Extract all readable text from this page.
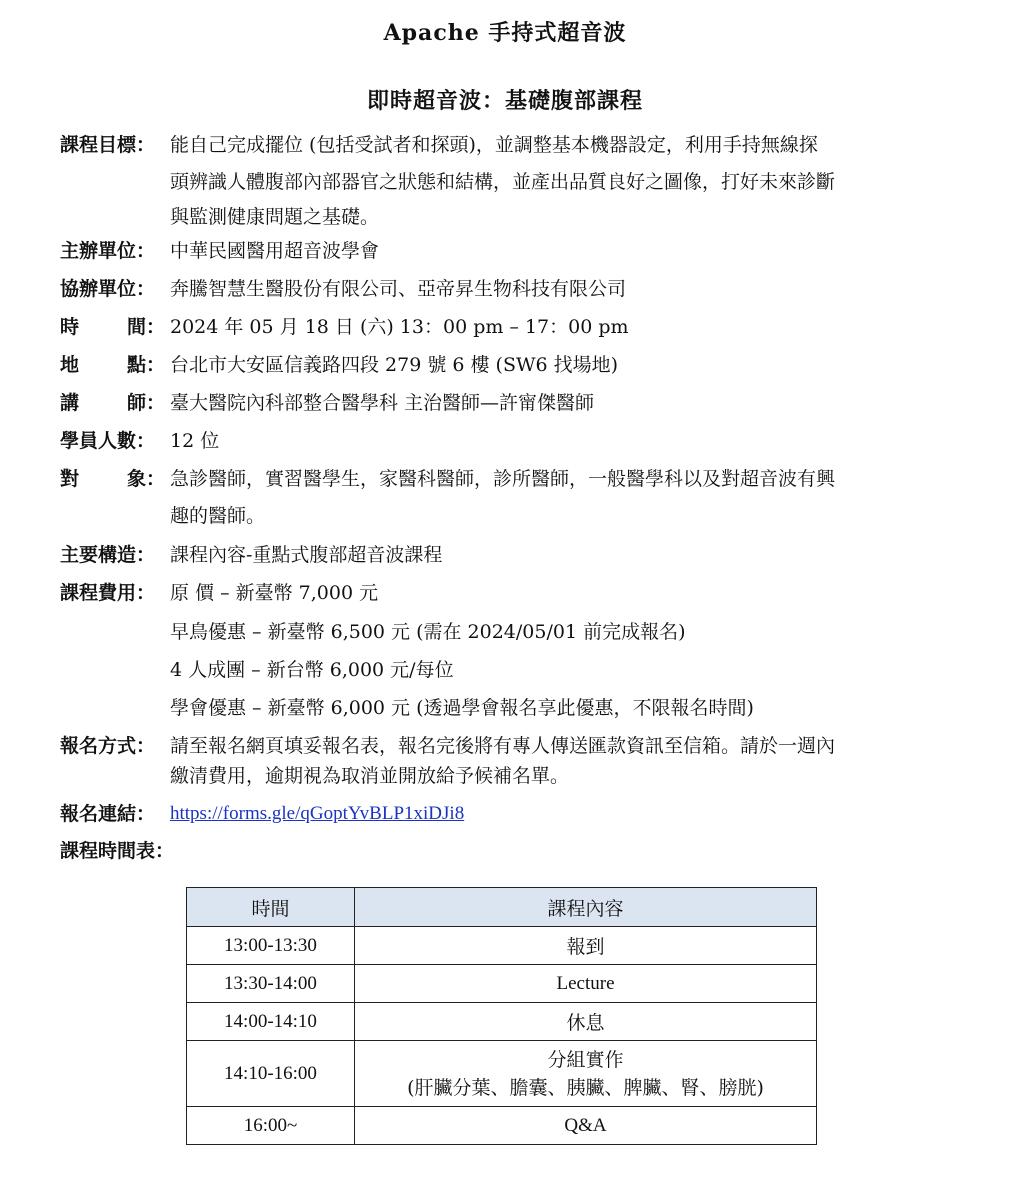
Apache 手持式超音波
即時超音波：基礎腹部課程
課程目標： 能自己完成擺位 (包括受試者和探頭)，並調整基本機器設定，利用手持無線探
頭辨識人體腹部內部器官之狀態和結構，並產出品質良好之圖像，打好未來診斷
與監測健康問題之基礎。
主辦單位： 中華民國醫用超音波學會
協辦單位： 奔騰智慧生醫股份有限公司、亞帝昇生物科技有限公司
時	間： 2024 年 05 月 18 日 (六) 13：00 pm – 17：00 pm
地	點： 台北市大安區信義路四段 279 號 6 樓 (SW6 找場地)
講	師： 臺大醫院內科部整合醫學科 主治醫師—許甯傑醫師
學員人數： 12 位
對	象： 急診醫師，實習醫學生，家醫科醫師，診所醫師，一般醫學科以及對超音波有興
趣的醫師。
主要構造： 課程內容-重點式腹部超音波課程
課程費用： 原 價 – 新臺幣 7,000 元
早鳥優惠 – 新臺幣 6,500 元 (需在 2024/05/01 前完成報名)
4 人成團 – 新台幣 6,000 元/每位
學會優惠 – 新臺幣 6,000 元 (透過學會報名享此優惠，不限報名時間)
報名方式： 請至報名網頁填妥報名表，報名完後將有專人傳送匯款資訊至信箱。請於一週內
繳清費用，逾期視為取消並開放給予候補名單。
報名連結： https://forms.gle/qGoptYvBLP1xiDJi8
課程時間表：
時間	課程內容
13:00-13:30	報到
13:30-14:00	Lecture
14:00-14:10	休息
14:10-16:00	分組實作
(肝臟分葉、膽囊、胰臟、脾臟、腎、膀胱)

16:00~	Q&A
